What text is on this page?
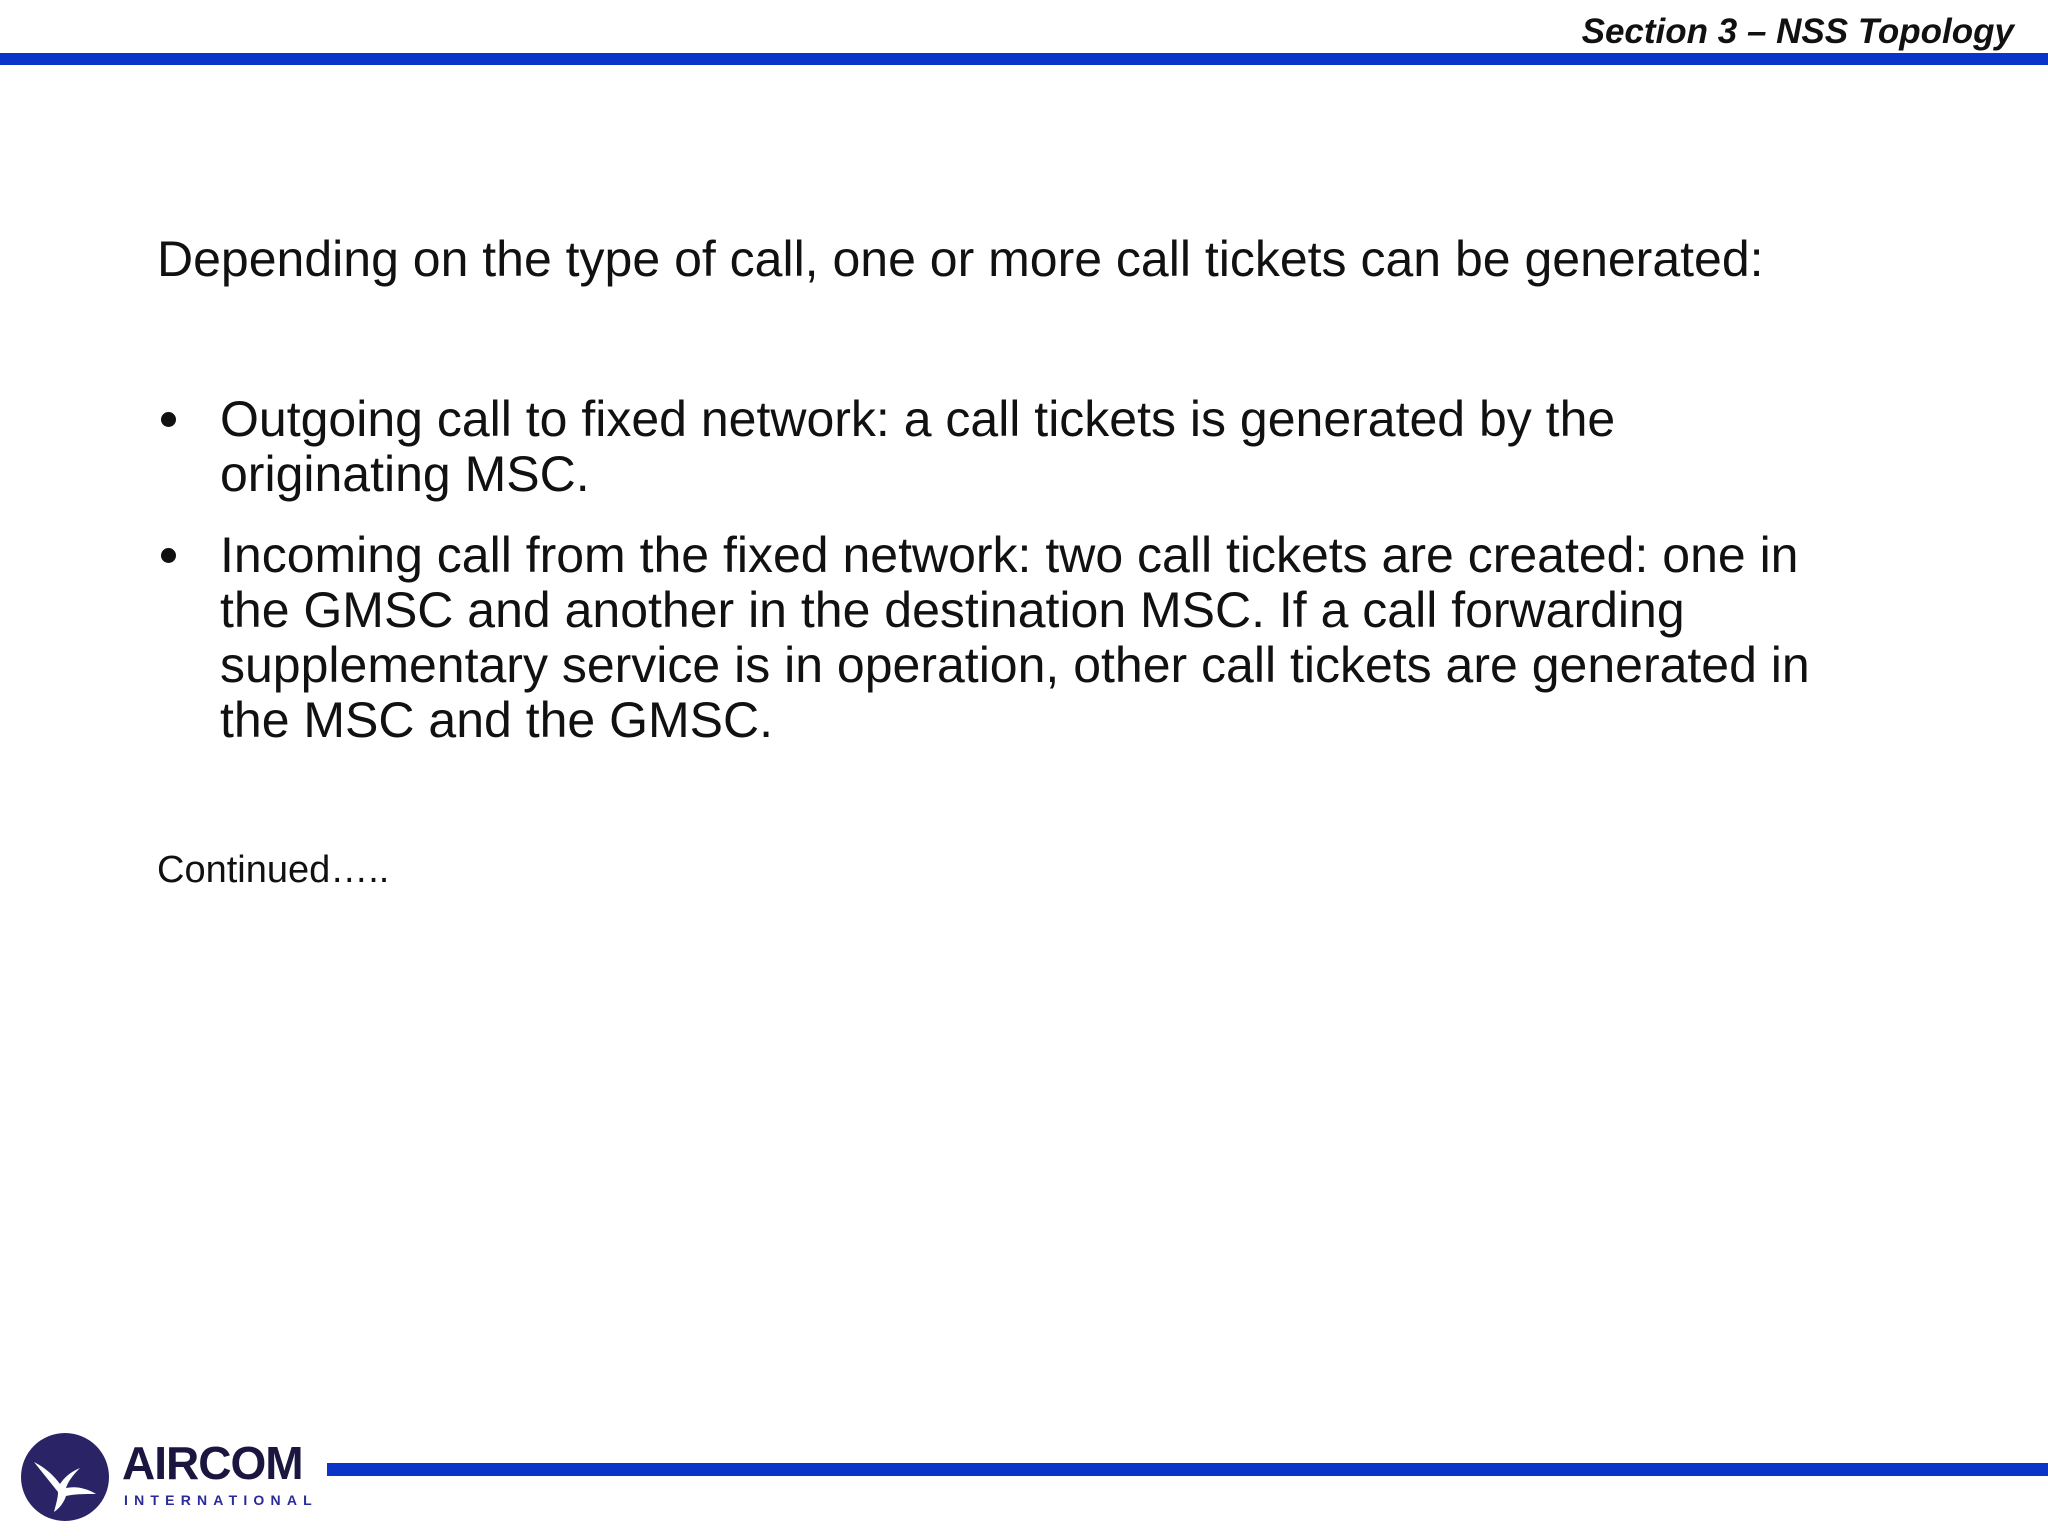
Section 3 – NSS Topology
Depending on the type of call, one or more call tickets can be generated:
Outgoing call to fixed network: a call tickets is generated by the
originating MSC.
Incoming call from the fixed network: two call tickets are created: one in
the GMSC and another in the destination MSC. If a call forwarding
supplementary service is in operation, other call tickets are generated in
the MSC and the GMSC.
Continued…..
AIRCOM
INTERNATIONAL
